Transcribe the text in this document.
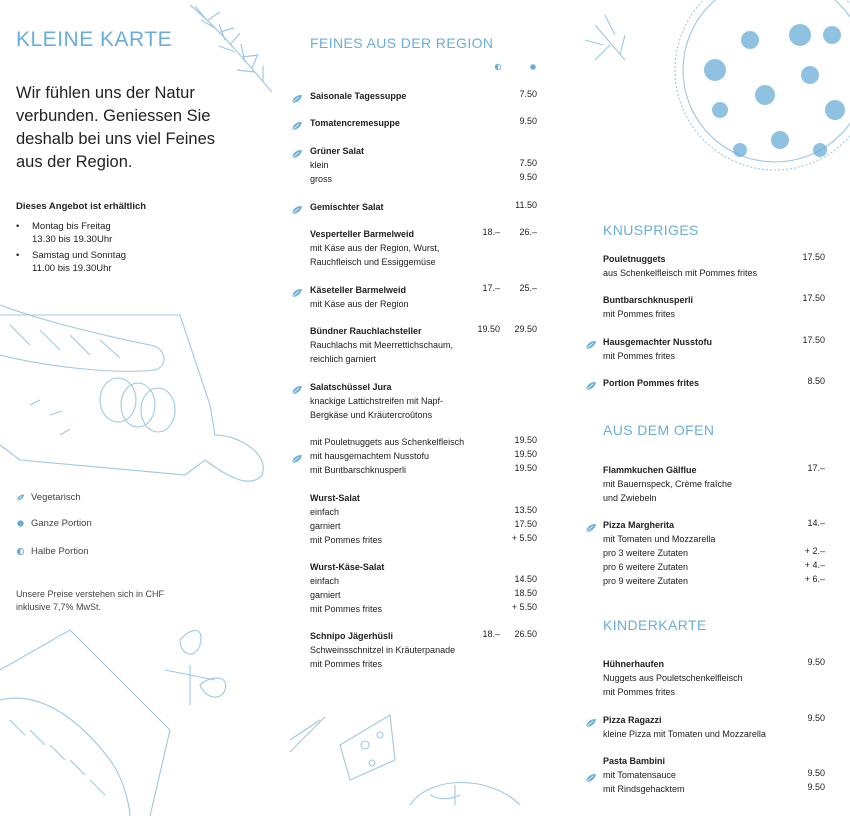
KLEINE KARTE
Wir fühlen uns der Natur verbunden. Geniessen Sie deshalb bei uns viel Feines aus der Region.
Dieses Angebot ist erhältlich
• Montag bis Freitag
13.30 bis 19.30Uhr
• Samstag und Sonntag
11.00 bis 19.30Uhr
Vegetarisch
Ganze Portion
Halbe Portion
Unsere Preise verstehen sich in CHF
inklusive 7,7% MwSt.
FEINES AUS DER REGION
KNUSPRIGES
AUS DEM OFEN
KINDERKARTE
Saisonale Tagessuppe	7.50
Tomatencremesuppe	9.50
Grüner Salat
klein	7.50
gross	9.50
Gemischter Salat	11.50
Vesperteller Barmelweid	18.– 26.–
mit Käse aus der Region, Wurst,
Rauchfleisch und Essiggemüse
Käseteller Barmelweid	17.– 25.–
mit Käse aus der Region
Bündner Rauchlachsteller	19.50 29.50
Rauchlachs mit Meerrettichschaum,
reichlich garniert
Salatschüssel Jura
knackige Lattichstreifen mit Napf-
Bergkäse und Kräutercroûtons
mit Pouletnuggets aus Schenkelfleisch	19.50
mit hausgemachtem Nusstofu	19.50
mit Buntbarschknusperli	19.50
Wurst-Salat
einfach	13.50
garniert	17.50
mit Pommes frites	+ 5.50
Wurst-Käse-Salat
einfach	14.50
garniert	18.50
mit Pommes frites	+ 5.50
Schnipo Jägerhüsli	18.– 26.50
Schweinsschnitzel in Kräuterpanade
mit Pommes frites
Pouletnuggets	17.50
aus Schenkelfleisch mit Pommes frites
Buntbarschknusperli	17.50
mit Pommes frites
Hausgemachter Nusstofu	17.50
mit Pommes frites
Portion Pommes frites	8.50
Flammkuchen Gälflue	17.–
mit Bauernspeck, Crème fraîche
und Zwiebeln
Pizza Margherita	14.–
mit Tomaten und Mozzarella
pro 3 weitere Zutaten	+ 2.–
pro 6 weitere Zutaten	+ 4.–
pro 9 weitere Zutaten	+ 6.–
Hühnerhaufen	9.50
Nuggets aus Pouletschenkelfleisch
mit Pommes frites
Pizza Ragazzi	9.50
kleine Pizza mit Tomaten und Mozzarella
Pasta Bambini
mit Tomatensauce	9.50
mit Rindsgehacktem	9.50
